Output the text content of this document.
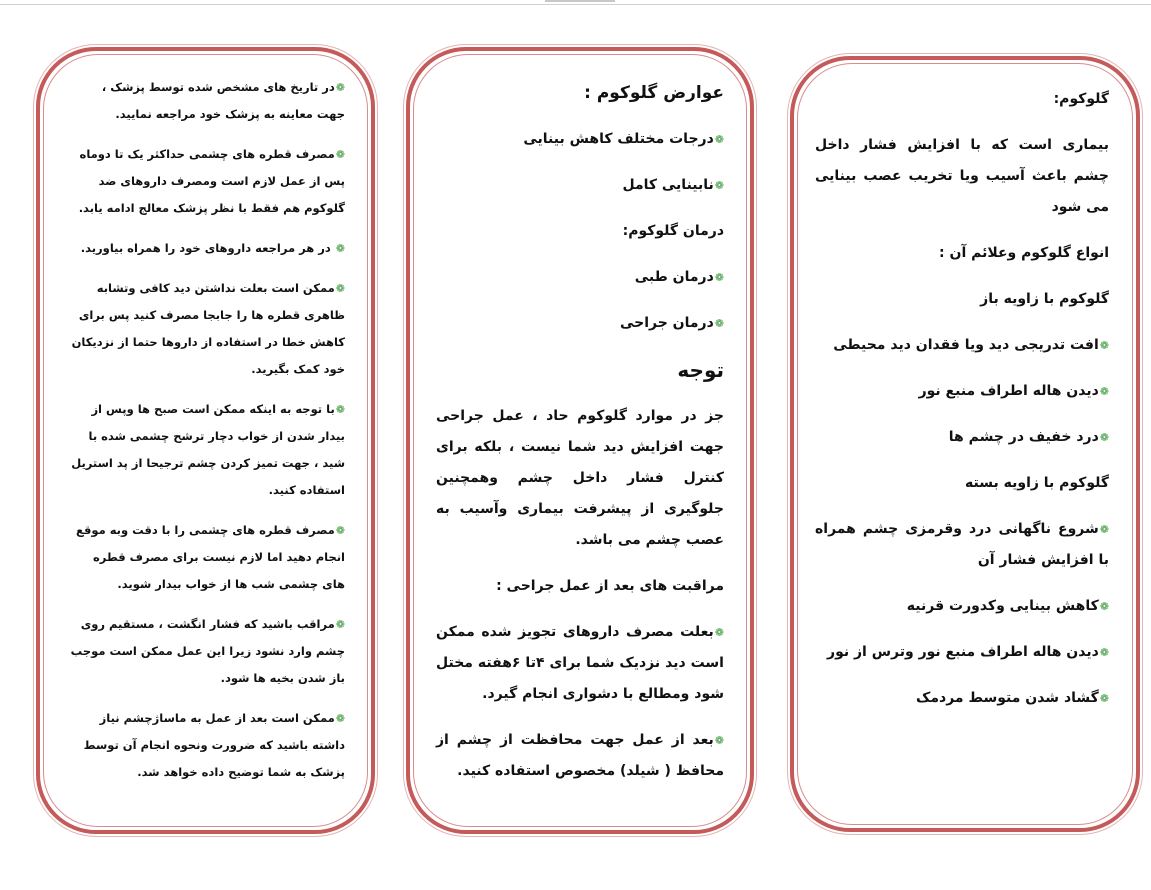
گلوکوم:

بیماری است که با افزایش فشار داخل چشم باعث آسیب ویا تخریب عصب بینایی می شود

انواع گلوکوم وعلائم آن :

گلوکوم با زاویه باز

❁افت تدریجی دید ویا فقدان دید محیطی

❁دیدن هاله اطراف منبع نور

❁درد خفیف در چشم ها

گلوکوم با زاویه بسته

❁شروع ناگهانی درد وقرمزی چشم همراه با افزایش فشار آن

❁کاهش بینایی وکدورت قرنیه

❁دیدن هاله اطراف منبع نور وترس از نور

❁گشاد شدن متوسط مردمک

عوارض گلوکوم :

❁درجات مختلف کاهش بینایی

❁نابینایی کامل

درمان گلوکوم:

❁درمان طبی

❁درمان جراحی

توجه

جز در موارد گلوکوم حاد ، عمل جراحی جهت افزایش دید شما نیست ، بلکه برای کنترل فشار داخل چشم وهمچنین جلوگیری از پیشرفت بیماری وآسیب به عصب چشم می باشد.

مراقبت های بعد از عمل جراحی :

❁بعلت مصرف داروهای تجویز شده ممکن است دید نزدیک شما برای ۴تا ۶هفته مختل شود ومطالع با دشواری انجام گیرد.

❁بعد از عمل جهت محافظت از چشم از محافظ ( شیلد) مخصوص استفاده کنید.

❁در تاریخ های مشخص شده توسط پزشک ، جهت معاینه به پزشک خود مراجعه نمایید.

❁مصرف قطره های چشمی حداکثر یک تا دوماه پس از عمل لازم است ومصرف داروهای ضد گلوکوم هم فقط با نظر پزشک معالج ادامه یابد.

❁ در هر مراجعه داروهای خود را همراه بیاورید.

❁ممکن است بعلت نداشتن دید کافی وتشابه ظاهری قطره ها را جابجا مصرف کنید پس برای کاهش خطا در استفاده از داروها حتما از نزدیکان خود کمک بگیرید.

❁با توجه به اینکه ممکن است صبح ها وپس از بیدار شدن از خواب دچار ترشح چشمی شده با شید ، جهت تمیز کردن چشم ترجیحا از پد استریل استفاده کنید.

❁مصرف قطره های چشمی را با دقت وبه موقع انجام دهید اما لازم نیست برای مصرف قطره های چشمی شب ها از خواب بیدار شوید.

❁مراقب باشید که فشار انگشت ، مستقیم روی چشم وارد نشود زیرا این عمل ممکن است موجب باز شدن بخیه ها شود.

❁ممکن است بعد از عمل به ماساژچشم نیاز داشته باشید که ضرورت ونحوه انجام آن توسط پزشک به شما توضیح داده خواهد شد.
